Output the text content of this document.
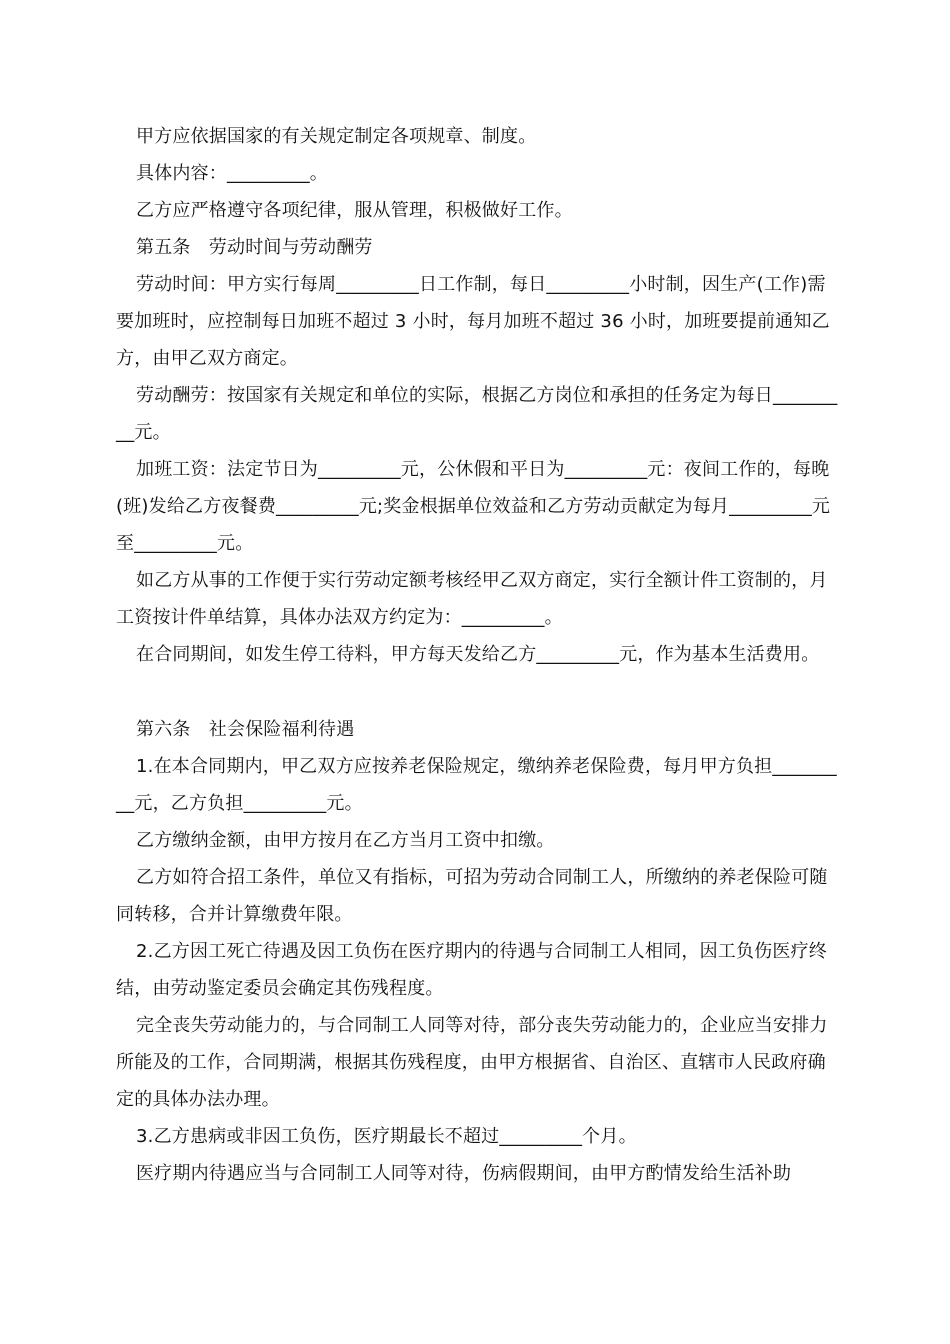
甲方应依据国家的有关规定制定各项规章、制度。

具体内容：_________。

乙方应严格遵守各项纪律，服从管理，积极做好工作。

第五条　劳动时间与劳动酬劳

劳动时间：甲方实行每周_________日工作制，每日_________小时制，因生产(工作)需要加班时，应控制每日加班不超过 3 小时，每月加班不超过 36 小时，加班要提前通知乙方，由甲乙双方商定。

劳动酬劳：按国家有关规定和单位的实际，根据乙方岗位和承担的任务定为每日_________元。

加班工资：法定节日为_________元，公休假和平日为_________元：夜间工作的，每晚(班)发给乙方夜餐费_________元;奖金根据单位效益和乙方劳动贡献定为每月_________元至_________元。

如乙方从事的工作便于实行劳动定额考核经甲乙双方商定，实行全额计件工资制的，月工资按计件单结算，具体办法双方约定为：_________。

在合同期间，如发生停工待料，甲方每天发给乙方_________元，作为基本生活费用。

第六条　社会保险福利待遇

1.在本合同期内，甲乙双方应按养老保险规定，缴纳养老保险费，每月甲方负担_________元，乙方负担_________元。

乙方缴纳金额，由甲方按月在乙方当月工资中扣缴。

乙方如符合招工条件，单位又有指标，可招为劳动合同制工人，所缴纳的养老保险可随同转移，合并计算缴费年限。

2.乙方因工死亡待遇及因工负伤在医疗期内的待遇与合同制工人相同，因工负伤医疗终结，由劳动鉴定委员会确定其伤残程度。

完全丧失劳动能力的，与合同制工人同等对待，部分丧失劳动能力的，企业应当安排力所能及的工作，合同期满，根据其伤残程度，由甲方根据省、自治区、直辖市人民政府确定的具体办法办理。

3.乙方患病或非因工负伤，医疗期最长不超过_________个月。

医疗期内待遇应当与合同制工人同等对待，伤病假期间，由甲方酌情发给生活补助
